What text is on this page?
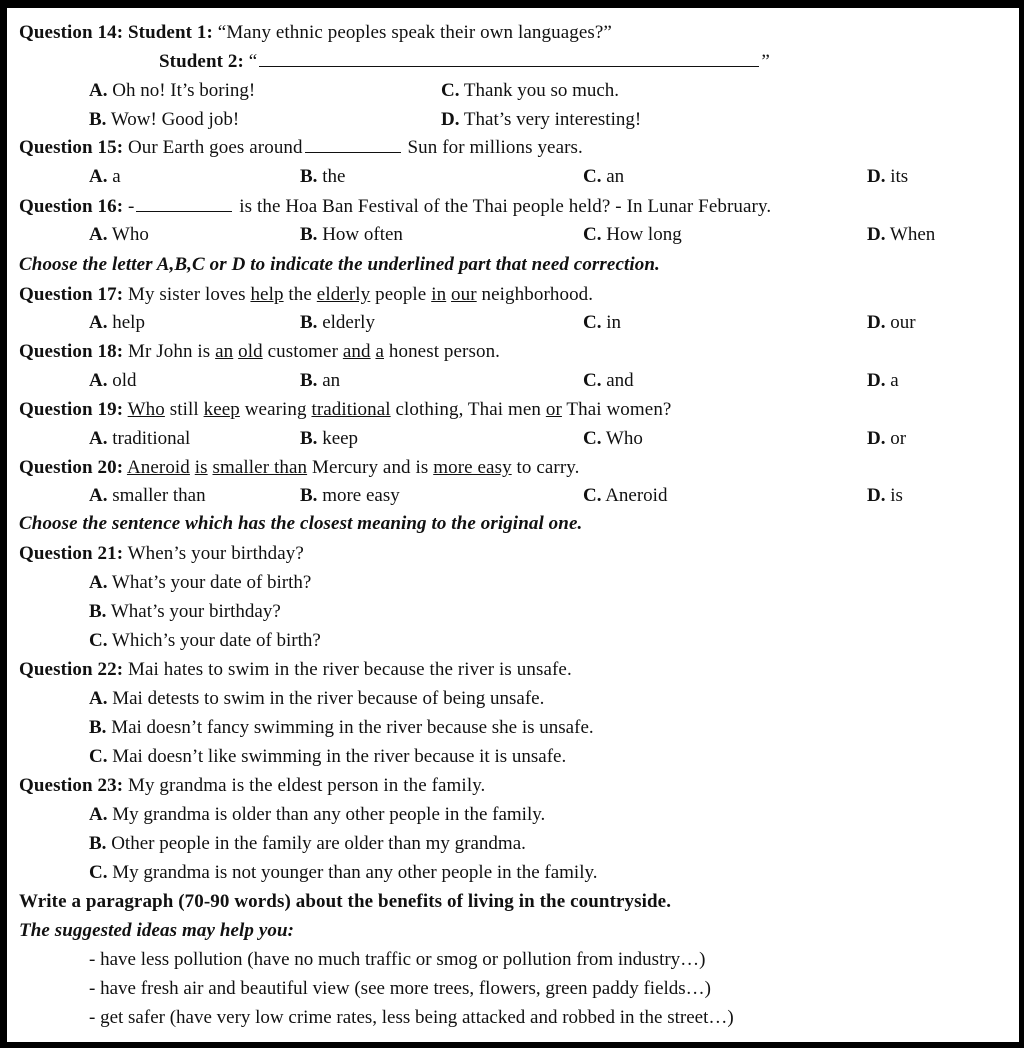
Question 14: Student 1: “Many ethnic peoples speak their own languages?”
Student 2: “	”
A. Oh no! It’s boring!	C. Thank you so much.
B. Wow! Good job!	D. That’s very interesting!
Question 15: Our Earth goes around	Sun for millions years.
A. a	B. the	C. an	D. its
Question 16: -	is the Hoa Ban Festival of the Thai people held? - In Lunar February.
A. Who	B. How often	C. How long	D. When
Choose the letter A,B,C or D to indicate the underlined part that need correction.
Question 17: My sister loves help the elderly people in our neighborhood.
A. help	B. elderly	C. in	D. our
Question 18: Mr John is an old customer and a honest person.
A. old	B. an	C. and	D. a
Question 19: Who still keep wearing traditional clothing, Thai men or Thai women?
A. traditional	B. keep	C. Who	D. or
Question 20: Aneroid is smaller than Mercury and is more easy to carry.
A. smaller than	B. more easy	C. Aneroid	D. is
Choose the sentence which has the closest meaning to the original one.
Question 21: When’s your birthday?
A. What’s your date of birth?
B. What’s your birthday?
C. Which’s your date of birth?
Question 22: Mai hates to swim in the river because the river is unsafe.
A. Mai detests to swim in the river because of being unsafe.
B. Mai doesn’t fancy swimming in the river because she is unsafe.
C. Mai doesn’t like swimming in the river because it is unsafe.
Question 23: My grandma is the eldest person in the family.
A. My grandma is older than any other people in the family.
B. Other people in the family are older than my grandma.
C. My grandma is not younger than any other people in the family.
Write a paragraph (70-90 words) about the benefits of living in the countryside.
The suggested ideas may help you:
- have less pollution (have no much traffic or smog or pollution from industry…)
- have fresh air and beautiful view (see more trees, flowers, green paddy fields…)
- get safer (have very low crime rates, less being attacked and robbed in the street…)
